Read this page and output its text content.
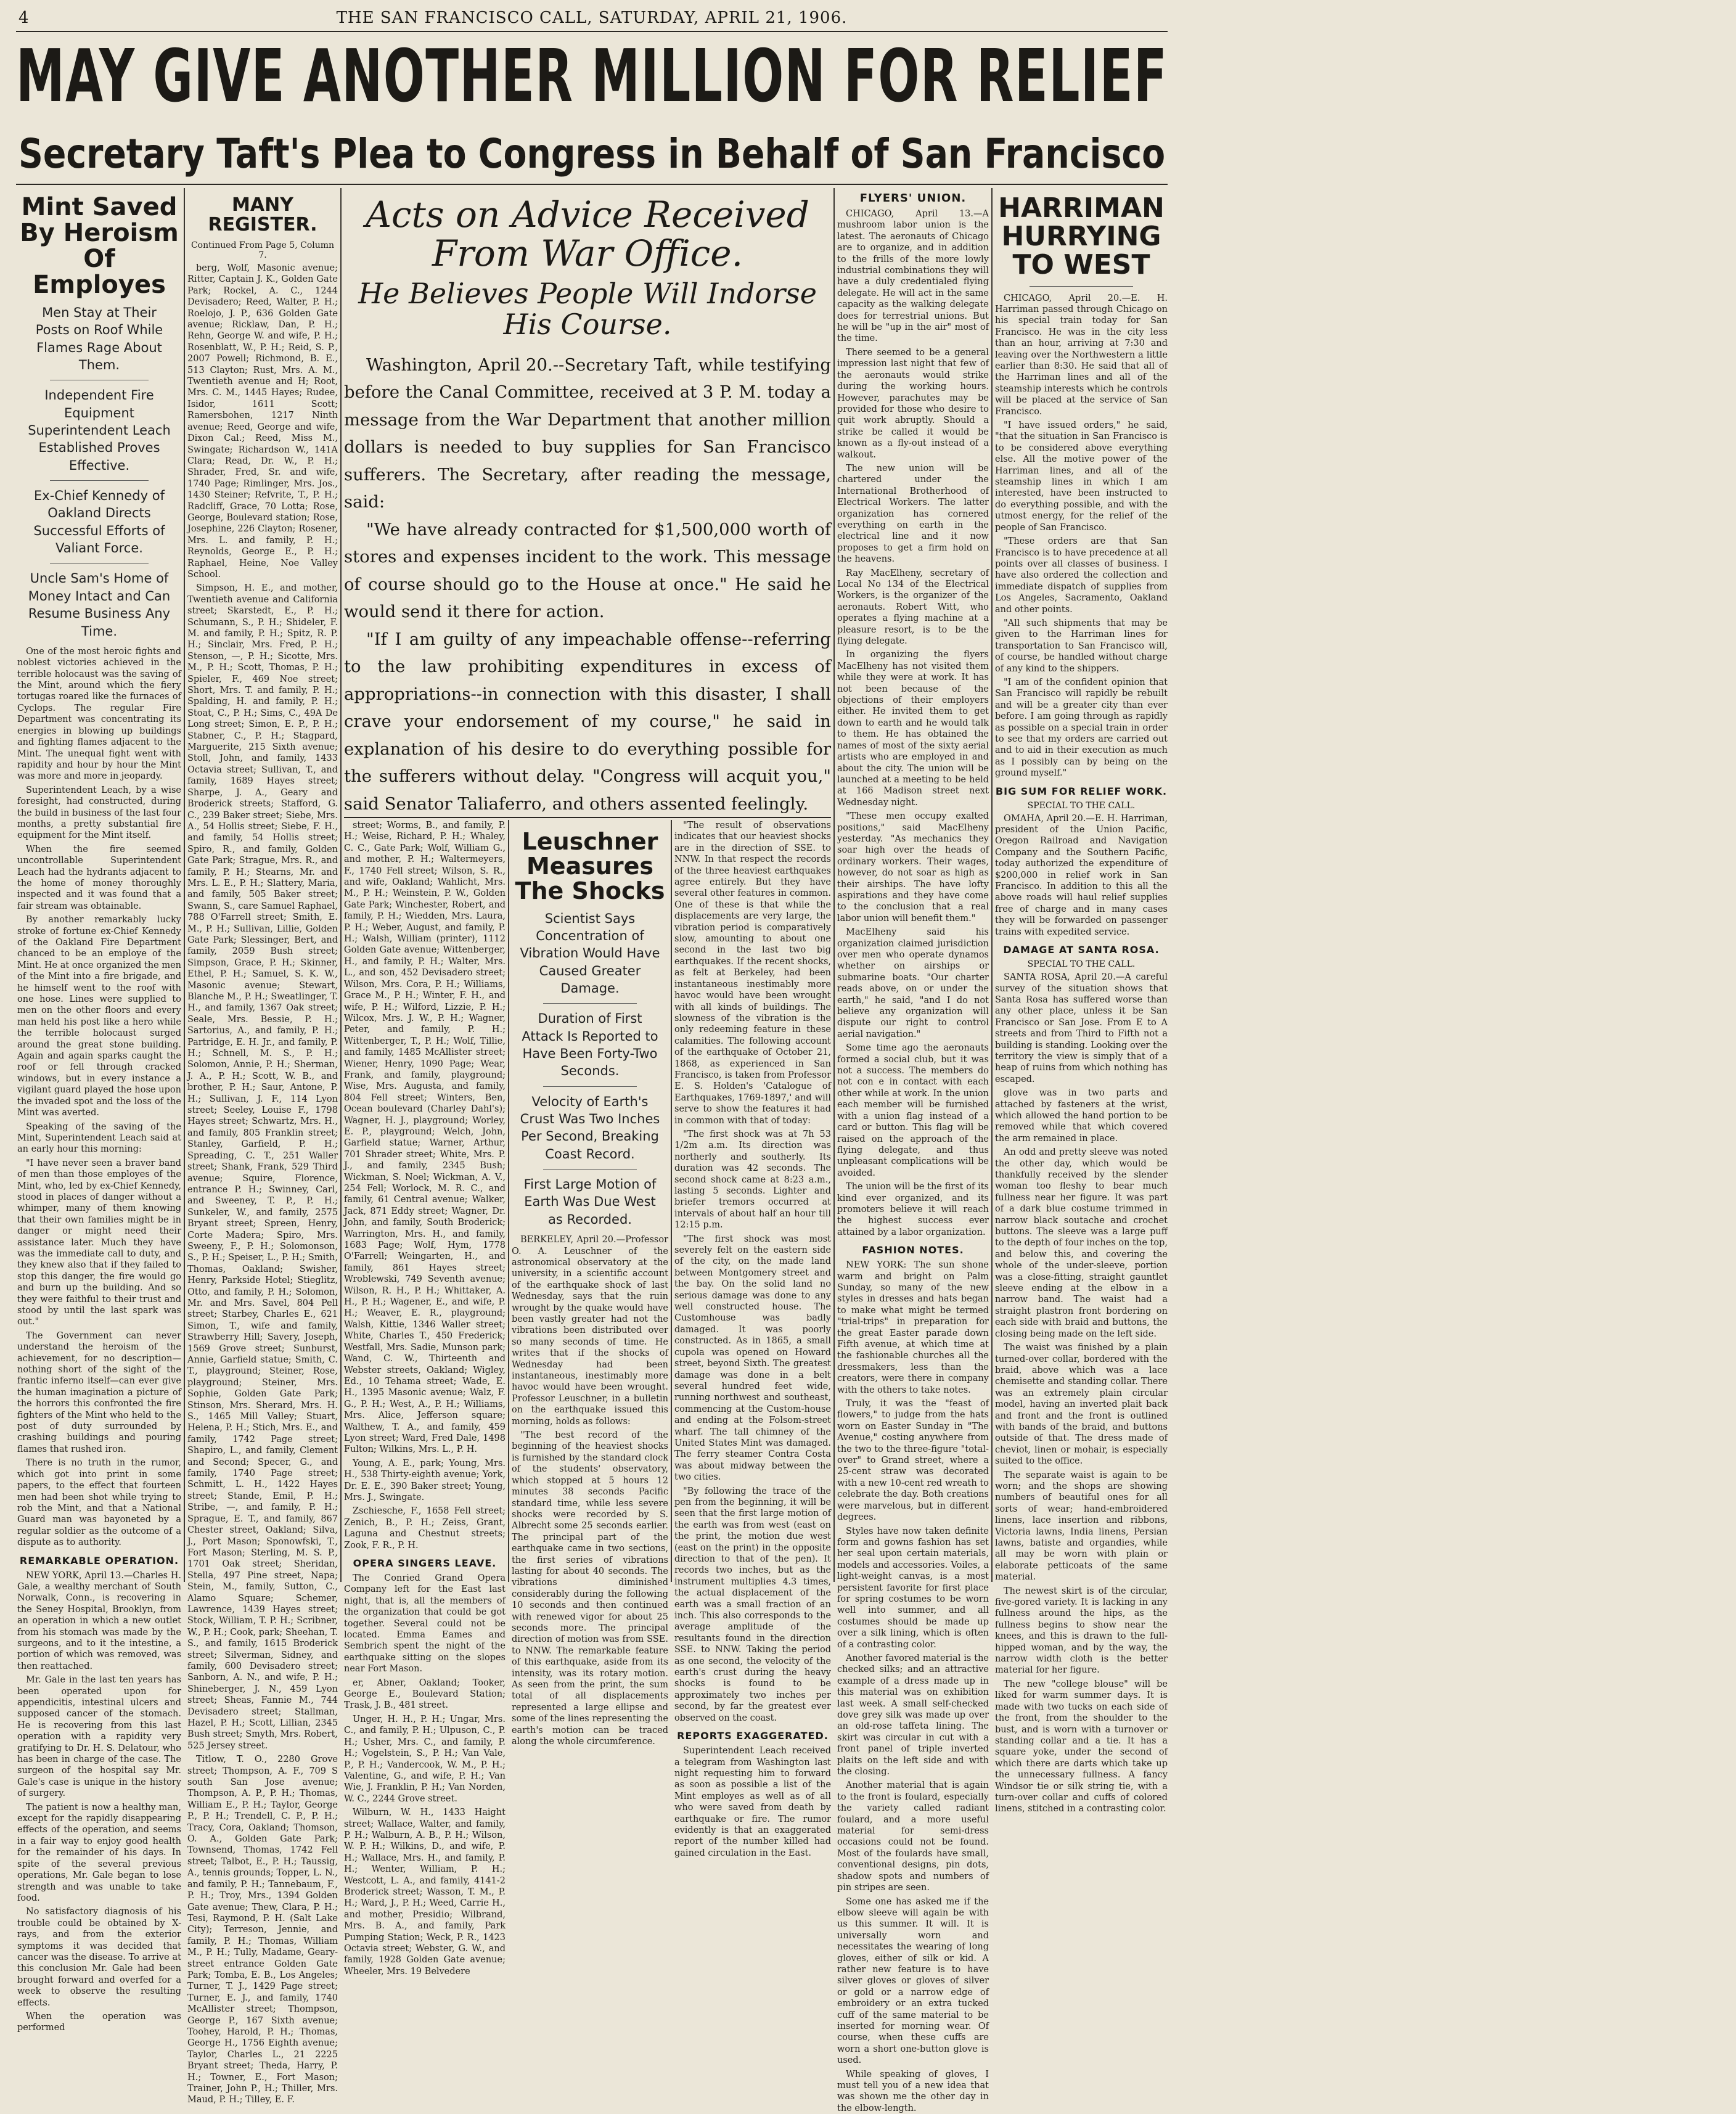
4	THE SAN FRANCISCO CALL, SATURDAY, APRIL 21, 1906.
MAY GIVE ANOTHER MILLION FOR RELIEF
Secretary Taft's Plea to Congress in Behalf of San Francisco
Mint Saved By Heroism Of Employes
Men Stay at Their Posts on Roof While Flames Rage About Them.
Independent Fire Equipment Superintendent Leach Established Proves Effective.
Ex-Chief Kennedy of Oakland Directs Successful Efforts of Valiant Force.
Uncle Sam's Home of Money Intact and Can Resume Business Any Time.

One of the most heroic fights and noblest victories achieved in the terrible holocaust was the saving of the Mint, around which the fiery tortugas roared like the furnaces of Cyclops. The regular Fire Department was concentrating its energies in blowing up buildings and fighting flames adjacent to the Mint. The unequal fight went with rapidity and hour by hour the Mint was more and more in jeopardy.

Superintendent Leach, by a wise foresight, had constructed, during the build in business of the last four months, a pretty substantial fire equipment for the Mint itself.

When the fire seemed uncontrollable Superintendent Leach had the hydrants adjacent to the home of money thoroughly inspected and it was found that a fair stream was obtainable.

By another remarkably lucky stroke of fortune ex-Chief Kennedy of the Oakland Fire Department chanced to be an employe of the Mint. He at once organized the men of the Mint into a fire brigade, and he himself went to the roof with one hose. Lines were supplied to men on the other floors and every man held his post like a hero while the terrible holocaust surged around the great stone building. Again and again sparks caught the roof or fell through cracked windows, but in every instance a vigilant guard played the hose upon the invaded spot and the loss of the Mint was averted.

Speaking of the saving of the Mint, Superintendent Leach said at an early hour this morning:

"I have never seen a braver band of men than those employes of the Mint, who, led by ex-Chief Kennedy, stood in places of danger without a whimper, many of them knowing that their own families might be in danger or might need their assistance later. Much they have was the immediate call to duty, and they knew also that if they failed to stop this danger, the fire would go and burn up the building. And so they were faithful to their trust and stood by until the last spark was out."

The Government can never understand the heroism of the achievement, for no description—nothing short of the sight of the frantic inferno itself—can ever give the human imagination a picture of the horrors this confronted the fire fighters of the Mint who held to the post of duty surrounded by crashing buildings and pouring flames that rushed iron.

There is no truth in the rumor, which got into print in some papers, to the effect that fourteen men had been shot while trying to rob the Mint, and that a National Guard man was bayoneted by a regular soldier as the outcome of a dispute as to authority.

REMARKABLE OPERATION.

NEW YORK, April 13.—Charles H. Gale, a wealthy merchant of South Norwalk, Conn., is recovering in the Seney Hospital, Brooklyn, from an operation in which a new outlet from his stomach was made by the surgeons, and to it the intestine, a portion of which was removed, was then reattached.

Mr. Gale in the last ten years has been operated upon for appendicitis, intestinal ulcers and supposed cancer of the stomach. He is recovering from this last operation with a rapidity very gratifying to Dr. H. S. Delatour, who has been in charge of the case. The surgeon of the hospital say Mr. Gale's case is unique in the history of surgery.

The patient is now a healthy man, except for the rapidly disappearing effects of the operation, and seems in a fair way to enjoy good health for the remainder of his days. In spite of the several previous operations, Mr. Gale began to lose strength and was unable to take food.

No satisfactory diagnosis of his trouble could be obtained by X-rays, and from the exterior symptoms it was decided that cancer was the disease. To arrive at this conclusion Mr. Gale had been brought forward and overfed for a week to observe the resulting effects.

When the operation was performed

MANY REGISTER.
Continued From Page 5, Column 7.

berg, Wolf, Masonic avenue; Ritter, Captain J. K., Golden Gate Park; Rockel, A. C., 1244 Devisadero; Reed, Walter, P. H.; Roelojo, J. P., 636 Golden Gate avenue; Ricklaw, Dan, P. H.; Rehn, George W. and wife, P. H.; Rosenblatt, W., P. H.; Reid, S. P., 2007 Powell; Richmond, B. E., 513 Clayton; Rust, Mrs. A. M., Twentieth avenue and H; Root, Mrs. C. M., 1445 Hayes; Rudee, Isidor, 1611 Scott; Ramersbohen, 1217 Ninth avenue; Reed, George and wife, Dixon Cal.; Reed, Miss M., Swingate; Richardson W., 141A Clara; Read, Dr. W., P. H.; Shrader, Fred, Sr. and wife, 1740 Page; Rimlinger, Mrs. Jos., 1430 Steiner; Refvrite, T., P. H.; Radcliff, Grace, 70 Lotta; Rose, George, Boulevard station; Rose, Josephine, 226 Clayton; Rosener, Mrs. L. and family, P. H.; Reynolds, George E., P. H.; Raphael, Heine, Noe Valley School.

Simpson, H. E., and mother, Twentieth avenue and California street; Skarstedt, E., P. H.; Schumann, S., P. H.; Shideler, F. M. and family, P. H.; Spitz, R. P. H.; Sinclair, Mrs. Fred, P. H.; Stenson, —, P. H.; Sicotte, Mrs. M., P. H.; Scott, Thomas, P. H.; Spieler, F., 469 Noe street; Short, Mrs. T. and family, P. H.; Spalding, H. and family, P. H.; Stoat, C., P. H.; Sims, C., 49A De Long street; Simon, E. P., P. H.; Stabner, C., P. H.; Stagpard, Marguerite, 215 Sixth avenue; Stoll, John, and family, 1433 Octavia street; Sullivan, T., and family, 1689 Hayes street; Sharpe, J. A., Geary and Broderick streets; Stafford, G. C., 239 Baker street; Siebe, Mrs. A., 54 Hollis street; Siebe, F. H., and family, 54 Hollis street; Spiro, R., and family, Golden Gate Park; Strague, Mrs. R., and family, P. H.; Stearns, Mr. and Mrs. L. E., P. H.; Slattery, Maria, and family, 505 Baker street; Swann, S., care Samuel Raphael, 788 O'Farrell street; Smith, E. M., P. H.; Sullivan, Lillie, Golden Gate Park; Slessinger, Bert, and family, 2059 Bush street; Simpson, Grace, P. H.; Skinner, Ethel, P. H.; Samuel, S. K. W., Masonic avenue; Stewart, Blanche M., P. H.; Sweatlinger, T. H., and family, 1367 Oak street; Seale, Mrs. Bessie, P. H.; Sartorius, A., and family, P. H.; Partridge, E. H. Jr., and family, P. H.; Schnell, M. S., P. H.; Solomon, Annie, P. H.; Sherman, J. A., P. H.; Scott, W. B., and brother, P. H.; Saur, Antone, P. H.; Sullivan, J. F., 114 Lyon street; Seeley, Louise F., 1798 Hayes street; Schwartz, Mrs. H., and family, 805 Franklin street; Stanley, Garfield, P. H.; Spreading, C. T., 251 Waller street; Shank, Frank, 529 Third avenue; Squire, Florence, entrance P. H.; Swinney, Carl, and Sweeney, T. P., P. H.; Sunkeler, W., and family, 2575 Bryant street; Spreen, Henry, Corte Madera; Spiro, Mrs. Sweeny, F., P. H.; Solomonson, S., P. H.; Speiser, L., P. H.; Smith, Thomas, Oakland; Swisher, Henry, Parkside Hotel; Stieglitz, Otto, and family, P. H.; Solomon, Mr. and Mrs. Savel, 804 Pell street; Starbey, Charles E., 621 Simon, T., wife and family, Strawberry Hill; Savery, Joseph, 1569 Grove street; Sunburst, Annie, Garfield statue; Smith, C. T., playground; Steiner, Rose, playground; Steiner, Mrs. Sophie, Golden Gate Park; Stinson, Mrs. Sherard, Mrs. H. S., 1465 Mill Valley; Stuart, Helena, P. H.; Stich, Mrs. E., and family, 1742 Page street; Shapiro, L., and family, Clement and Second; Specer, G., and family, 1740 Page street; Schmitt, L. H., 1422 Hayes street; Stande, Emil, P. H.; Stribe, —, and family, P. H.; Sprague, E. T., and family, 867 Chester street, Oakland; Silva, J., Port Mason; Sponowfski, T., Fort Mason; Sterling, M. S. P., 1701 Oak street; Sheridan, Stella, 497 Pine street, Napa; Stein, M., family, Sutton, C., Alamo Square; Schemer, Lawrence, 1439 Hayes street; Stock, William, T. P. H.; Scribner, W., P. H.; Cook, park; Sheehan, T. S., and family, 1615 Broderick street; Silverman, Sidney, and family, 600 Devisadero street; Sanborn, A. N., and wife, P. H.; Shineberger, J. N., 459 Lyon street; Sheas, Fannie M., 744 Devisadero street; Stallman, Hazel, P. H.; Scott, Lillian, 2345 Bush street; Smyth, Mrs. Robert, 525 Jersey street.

Titlow, T. O., 2280 Grove street; Thompson, A. F., 709 S south San Jose avenue; Thompson, A. P., P. H.; Thomas, William E., P. H.; Taylor, George P., P. H.; Trendell, C. P., P. H.; Tracy, Cora, Oakland; Thomson, O. A., Golden Gate Park; Townsend, Thomas, 1742 Fell street; Talbot, E., P. H.; Taussig, A., tennis grounds; Topper, L. N., and family, P. H.; Tannebaum, F., P. H.; Troy, Mrs., 1394 Golden Gate avenue; Thew, Clara, P. H.; Tesi, Raymond, P. H. (Salt Lake City); Terreson, Jennie, and family, P. H.; Thomas, William M., P. H.; Tully, Madame, Geary-street entrance Golden Gate Park; Tomba, E. B., Los Angeles; Turner, T. J., 1429 Page street; Turner, E. J., and family, 1740 McAllister street; Thompson, George P., 167 Sixth avenue; Toohey, Harold, P. H.; Thomas, George H., 1756 Eighth avenue; Taylor, Charles L., 21 2225 Bryant street; Theda, Harry, P. H.; Towner, E., Fort Mason; Trainer, John P., H.; Thiller, Mrs. Maud, P. H.; Tilley, E. F.

Acts on Advice Received From War Office.
He Believes People Will Indorse His Course.

Washington, April 20.--Secretary Taft, while testifying before the Canal Committee, received at 3 P. M. today a message from the War Department that another million dollars is needed to buy supplies for San Francisco sufferers. The Secretary, after reading the message, said:

"We have already contracted for $1,500,000 worth of stores and expenses incident to the work. This message of course should go to the House at once." He said he would send it there for action.

"If I am guilty of any impeachable offense--referring to the law prohibiting expenditures in excess of appropriations--in connection with this disaster, I shall crave your endorsement of my course," he said in explanation of his desire to do everything possible for the sufferers without delay. "Congress will acquit you," said Senator Taliaferro, and others assented feelingly.

street; Worms, B., and family, P. H.; Weise, Richard, P. H.; Whaley, C. C., Gate Park; Wolf, William G., and mother, P. H.; Waltermeyers, F., 1740 Fell street; Wilson, S. R., and wife, Oakland; Wahlicht, Mrs. M., P. H.; Weinstein, P. W., Golden Gate Park; Winchester, Robert, and family, P. H.; Wiedden, Mrs. Laura, P. H.; Weber, August, and family, P. H.; Walsh, William (printer), 1112 Golden Gate avenue; Wittenberger, H., and family, P. H.; Walter, Mrs. L., and son, 452 Devisadero street; Wilson, Mrs. Cora, P. H.; Williams, Grace M., P. H.; Winter, F. H., and wife, P. H.; Wilford, Lizzie, P. H.; Wilcox, Mrs. J. W., P. H.; Wagner, Peter, and family, P. H.; Wittenberger, T., P. H.; Wolf, Tillie, and family, 1485 McAllister street; Wiener, Henry, 1090 Page; Wear, Frank, and family, playground; Wise, Mrs. Augusta, and family, 804 Fell street; Winters, Ben, Ocean boulevard (Charley Dahl's); Wagner, H. J., playground; Worley, E. P., playground; Welch, John, Garfield statue; Warner, Arthur, 701 Shrader street; White, Mrs. P. J., and family, 2345 Bush; Wickman, S. Noel; Wickman, A. V., 254 Fell; Worlock, M. R. C., and family, 61 Central avenue; Walker, Jack, 871 Eddy street; Wagner, Dr. John, and family, South Broderick; Warrington, Mrs. H., and family, 1683 Page; Wolf, Hym, 1778 O'Farrell; Weingarten, H., and family, 861 Hayes street; Wroblewski, 749 Seventh avenue; Wilson, R. H., P. H.; Whittaker, A. H., P. H.; Wagener, E., and wife, P. H.; Weaver, E. R., playground; Walsh, Kittie, 1346 Waller street; White, Charles T., 450 Frederick; Westfall, Mrs. Sadie, Munson park; Wand, C. W., Thirteenth and Webster streets, Oakland; Wigley, Ed., 10 Tehama street; Wade, E. H., 1395 Masonic avenue; Walz, F. G., P. H.; West, A., P. H.; Williams, Mrs. Alice, Jefferson square; Walthew, T. A., and family, 459 Lyon street; Ward, Fred Dale, 1498 Fulton; Wilkins, Mrs. L., P. H.

Young, A. E., park; Young, Mrs. H., 538 Thirty-eighth avenue; York, Dr. E. E., 390 Baker street; Young, Mrs. J., Swingate.

Zschiesche, F., 1658 Fell street; Zenich, B., P. H.; Zeiss, Grant, Laguna and Chestnut streets; Zook, F. R., P. H.

OPERA SINGERS LEAVE.

The Conried Grand Opera Company left for the East last night, that is, all the members of the organization that could be got together. Several could not be located. Emma Eames and Sembrich spent the night of the earthquake sitting on the slopes near Fort Mason.

er, Abner, Oakland; Tooker, George E., Boulevard Station; Trask, J. B., 481 street.

Unger, H. H., P. H.; Ungar, Mrs. C., and family, P. H.; Ulpuson, C., P. H.; Usher, Mrs. C., and family, P. H.; Vogelstein, S., P. H.; Van Vale, P., P. H.; Vandercook, W. M., P. H.; Valentine, G., and wife, P. H.; Van Wie, J. Franklin, P. H.; Van Norden, W. C., 2244 Grove street.

Wilburn, W. H., 1433 Haight street; Wallace, Walter, and family, P. H.; Walburn, A. B., P. H.; Wilson, W. P. H.; Wilkins, D., and wife, P. H.; Wallace, Mrs. H., and family, P. H.; Wenter, William, P. H.; Westcott, L. A., and family, 4141-2 Broderick street; Wasson, T. M., P. H.; Ward, J., P. H.; Weed, Carrie H., and mother, Presidio; Wilbrand, Mrs. B. A., and family, Park Pumping Station; Weck, P. R., 1423 Octavia street; Webster, G. W., and family, 1928 Golden Gate avenue; Wheeler, Mrs. 19 Belvedere

Leuschner Measures The Shocks
Scientist Says Concentration of Vibration Would Have Caused Greater Damage.
Duration of First Attack Is Reported to Have Been Forty-Two Seconds.
Velocity of Earth's Crust Was Two Inches Per Second, Breaking Coast Record.
First Large Motion of Earth Was Due West as Recorded.

BERKELEY, April 20.—Professor O. A. Leuschner of the astronomical observatory at the university, in a scientific account of the earthquake shock of last Wednesday, says that the ruin wrought by the quake would have been vastly greater had not the vibrations been distributed over so many seconds of time. He writes that if the shocks of Wednesday had been instantaneous, inestimably more havoc would have been wrought. Professor Leuschner, in a bulletin on the earthquake issued this morning, holds as follows:

"The best record of the beginning of the heaviest shocks is furnished by the standard clock of the students' observatory, which stopped at 5 hours 12 minutes 38 seconds Pacific standard time, while less severe shocks were recorded by S. Albrecht some 25 seconds earlier. The principal part of the earthquake came in two sections, the first series of vibrations lasting for about 40 seconds. The vibrations diminished considerably during the following 10 seconds and then continued with renewed vigor for about 25 seconds more. The principal direction of motion was from SSE. to NNW. The remarkable feature of this earthquake, aside from its intensity, was its rotary motion. As seen from the print, the sum total of all displacements represented a large ellipse and some of the lines representing the earth's motion can be traced along the whole circumference.

"The result of observations indicates that our heaviest shocks are in the direction of SSE. to NNW. In that respect the records of the three heaviest earthquakes agree entirely. But they have several other features in common. One of these is that while the displacements are very large, the vibration period is comparatively slow, amounting to about one second in the last two big earthquakes. If the recent shocks, as felt at Berkeley, had been instantaneous inestimably more havoc would have been wrought with all kinds of buildings. The slowness of the vibration is the only redeeming feature in these calamities. The following account of the earthquake of October 21, 1868, as experienced in San Francisco, is taken from Professor E. S. Holden's 'Catalogue of Earthquakes, 1769-1897,' and will serve to show the features it had in common with that of today:

"The first shock was at 7h 53 1/2m a.m. Its direction was northerly and southerly. Its duration was 42 seconds. The second shock came at 8:23 a.m., lasting 5 seconds. Lighter and briefer tremors occurred at intervals of about half an hour till 12:15 p.m.

"The first shock was most severely felt on the eastern side of the city, on the made land between Montgomery street and the bay. On the solid land no serious damage was done to any well constructed house. The Customhouse was badly damaged. It was poorly constructed. As in 1865, a small cupola was opened on Howard street, beyond Sixth. The greatest damage was done in a belt several hundred feet wide, running northwest and southeast, commencing at the Custom-house and ending at the Folsom-street wharf. The tall chimney of the United States Mint was damaged. The ferry steamer Contra Costa was about midway between the two cities.

"By following the trace of the pen from the beginning, it will be seen that the first large motion of the earth was from west (east on the print, the motion due west (east on the print) in the opposite direction to that of the pen). It records two inches, but as the instrument multiplies 4.3 times, the actual displacement of the earth was a small fraction of an inch. This also corresponds to the average amplitude of the resultants found in the direction SSE. to NNW. Taking the period as one second, the velocity of the earth's crust during the heavy shocks is found to be approximately two inches per second, by far the greatest ever observed on the coast.

REPORTS EXAGGERATED.

Superintendent Leach received a telegram from Washington last night requesting him to forward as soon as possible a list of the Mint employes as well as of all who were saved from death by earthquake or fire. The rumor evidently is that an exaggerated report of the number killed had gained circulation in the East.

FLYERS' UNION.

CHICAGO, April 13.—A mushroom labor union is the latest. The aeronauts of Chicago are to organize, and in addition to the frills of the more lowly industrial combinations they will have a duly credentialed flying delegate. He will act in the same capacity as the walking delegate does for terrestrial unions. But he will be "up in the air" most of the time.

There seemed to be a general impression last night that few of the aeronauts would strike during the working hours. However, parachutes may be provided for those who desire to quit work abruptly. Should a strike be called it would be known as a fly-out instead of a walkout.

The new union will be chartered under the International Brotherhood of Electrical Workers. The latter organization has cornered everything on earth in the electrical line and it now proposes to get a firm hold on the heavens.

Ray MacElheny, secretary of Local No 134 of the Electrical Workers, is the organizer of the aeronauts. Robert Witt, who operates a flying machine at a pleasure resort, is to be the flying delegate.

In organizing the flyers MacElheny has not visited them while they were at work. It has not been because of the objections of their employers either. He invited them to get down to earth and he would talk to them. He has obtained the names of most of the sixty aerial artists who are employed in and about the city. The union will be launched at a meeting to be held at 166 Madison street next Wednesday night.

"These men occupy exalted positions," said MacElheny yesterday. "As mechanics they soar high over the heads of ordinary workers. Their wages, however, do not soar as high as their airships. The have lofty aspirations and they have come to the conclusion that a real labor union will benefit them."

MacElheny said his organization claimed jurisdiction over men who operate dynamos whether on airships or submarine boats. "Our charter reads above, on or under the earth," he said, "and I do not believe any organization will dispute our right to control aerial navigation."

Some time ago the aeronauts formed a social club, but it was not a success. The members do not con e in contact with each other while at work. In the union each member will be furnished with a union flag instead of a card or button. This flag will be raised on the approach of the flying delegate, and thus unpleasant complications will be avoided.

The union will be the first of its kind ever organized, and its promoters believe it will reach the highest success ever attained by a labor organization.

FASHION NOTES.

NEW YORK: The sun shone warm and bright on Palm Sunday, so many of the new styles in dresses and hats began to make what might be termed "trial-trips" in preparation for the great Easter parade down Fifth avenue, at which time at the fashionable churches all the dressmakers, less than the creators, were there in company with the others to take notes.

Truly, it was the "feast of flowers," to judge from the hats worn on Easter Sunday in "The Avenue," costing anywhere from the two to the three-figure "total-over" to Grand street, where a 25-cent straw was decorated with a new 10-cent red wreath to celebrate the day. Both creations were marvelous, but in different degrees.

Styles have now taken definite form and gowns fashion has set her seal upon certain materials, models and accessories. Voiles, a light-weight canvas, is a most persistent favorite for first place for spring costumes to be worn well into summer, and all costumes should be made up over a silk lining, which is often of a contrasting color.

Another favored material is the checked silks; and an attractive example of a dress made up in this material was on exhibition last week. A small self-checked dove grey silk was made up over an old-rose taffeta lining. The skirt was circular in cut with a front panel of triple inverted plaits on the left side and with the closing.

Another material that is again to the front is foulard, especially the variety called radiant foulard, and a more useful material for semi-dress occasions could not be found. Most of the foulards have small, conventional designs, pin dots, shadow spots and numbers of pin stripes are seen.

Some one has asked me if the elbow sleeve will again be with us this summer. It will. It is universally worn and necessitates the wearing of long gloves, either of silk or kid. A rather new feature is to have silver gloves or gloves of silver or gold or a narrow edge of embroidery or an extra tucked cuff of the same material to be inserted for morning wear. Of course, when these cuffs are worn a short one-button glove is used.

While speaking of gloves, I must tell you of a new idea that was shown me the other day in the elbow-length.

HARRIMAN HURRYING TO WEST

CHICAGO, April 20.—E. H. Harriman passed through Chicago on his special train today for San Francisco. He was in the city less than an hour, arriving at 7:30 and leaving over the Northwestern a little earlier than 8:30. He said that all of the Harriman lines and all of the steamship interests which he controls will be placed at the service of San Francisco.

"I have issued orders," he said, "that the situation in San Francisco is to be considered above everything else. All the motive power of the Harriman lines, and all of the steamship lines in which I am interested, have been instructed to do everything possible, and with the utmost energy, for the relief of the people of San Francisco.

"These orders are that San Francisco is to have precedence at all points over all classes of business. I have also ordered the collection and immediate dispatch of supplies from Los Angeles, Sacramento, Oakland and other points.

"All such shipments that may be given to the Harriman lines for transportation to San Francisco will, of course, be handled without charge of any kind to the shippers.

"I am of the confident opinion that San Francisco will rapidly be rebuilt and will be a greater city than ever before. I am going through as rapidly as possible on a special train in order to see that my orders are carried out and to aid in their execution as much as I possibly can by being on the ground myself."

BIG SUM FOR RELIEF WORK.
SPECIAL TO THE CALL.

OMAHA, April 20.—E. H. Harriman, president of the Union Pacific, Oregon Railroad and Navigation Company and the Southern Pacific, today authorized the expenditure of $200,000 in relief work in San Francisco. In addition to this all the above roads will haul relief supplies free of charge and in many cases they will be forwarded on passenger trains with expedited service.

DAMAGE AT SANTA ROSA.
SPECIAL TO THE CALL.

SANTA ROSA, April 20.—A careful survey of the situation shows that Santa Rosa has suffered worse than any other place, unless it be San Francisco or San Jose. From E to A streets and from Third to Fifth not a building is standing. Looking over the territory the view is simply that of a heap of ruins from which nothing has escaped.

glove was in two parts and attached by fasteners at the wrist, which allowed the hand portion to be removed while that which covered the arm remained in place.

An odd and pretty sleeve was noted the other day, which would be thankfully received by the slender woman too fleshy to bear much fullness near her figure. It was part of a dark blue costume trimmed in narrow black soutache and crochet buttons. The sleeve was a large puff to the depth of four inches on the top, and below this, and covering the whole of the under-sleeve, portion was a close-fitting, straight gauntlet sleeve ending at the elbow in a narrow band. The waist had a straight plastron front bordering on each side with braid and buttons, the closing being made on the left side.

The waist was finished by a plain turned-over collar, bordered with the braid, above which was a lace chemisette and standing collar. There was an extremely plain circular model, having an inverted plait back and front and the front is outlined with bands of the braid, and buttons outside of that. The dress made of cheviot, linen or mohair, is especially suited to the office.

The separate waist is again to be worn; and the shops are showing numbers of beautiful ones for all sorts of wear; hand-embroidered linens, lace insertion and ribbons, Victoria lawns, India linens, Persian lawns, batiste and organdies, while all may be worn with plain or elaborate petticoats of the same material.

The newest skirt is of the circular, five-gored variety. It is lacking in any fullness around the hips, as the fullness begins to show near the knees, and this is drawn to the full-hipped woman, and by the way, the narrow width cloth is the better material for her figure.

The new "college blouse" will be liked for warm summer days. It is made with two tucks on each side of the front, from the shoulder to the bust, and is worn with a turnover or standing collar and a tie. It has a square yoke, under the second of which there are darts which take up the unnecessary fullness. A fancy Windsor tie or silk string tie, with a turn-over collar and cuffs of colored linens, stitched in a contrasting color.
